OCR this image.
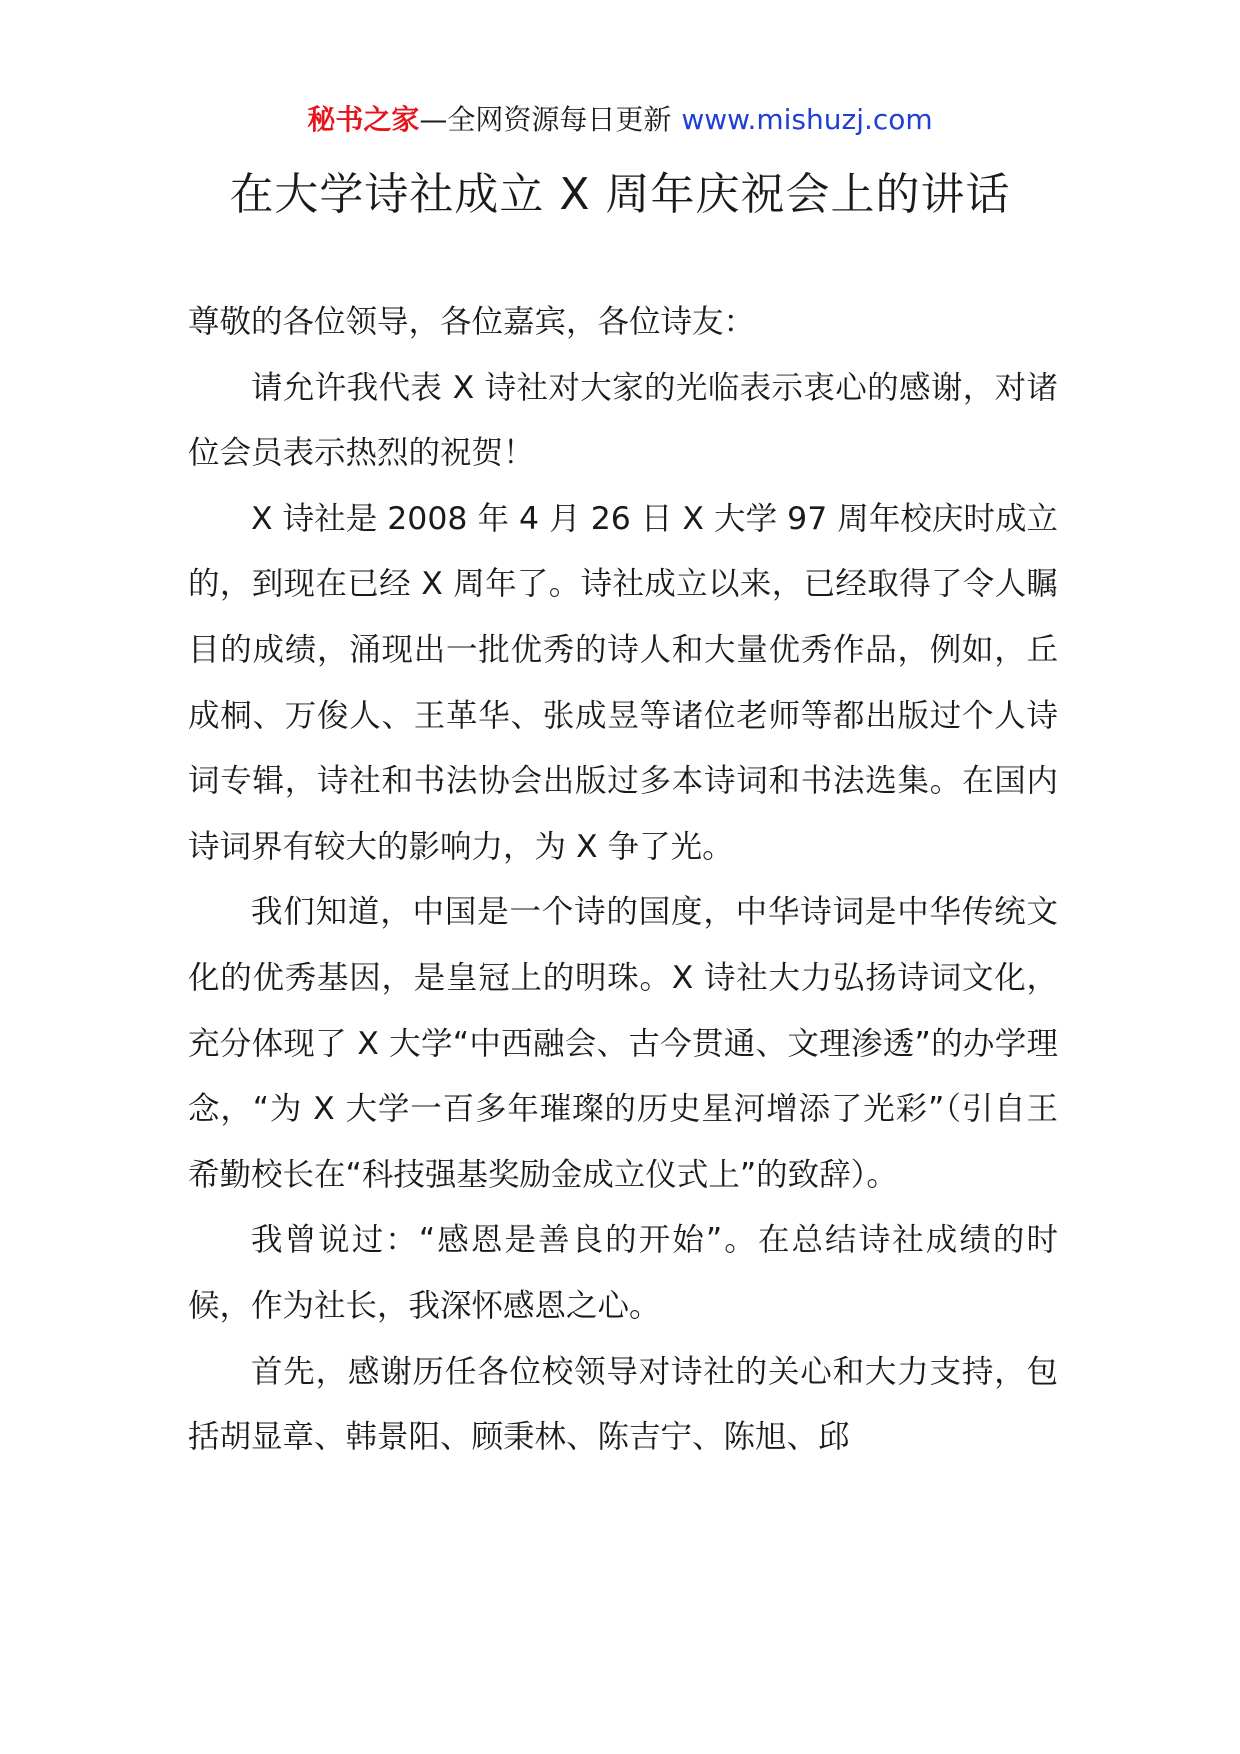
秘书之家—全网资源每日更新 www.mishuzj.com
在大学诗社成立 X 周年庆祝会上的讲话

尊敬的各位领导，各位嘉宾，各位诗友：

请允许我代表 X 诗社对大家的光临表示衷心的感谢，对诸位会员表示热烈的祝贺！

X 诗社是 2008 年 4 月 26 日 X 大学 97 周年校庆时成立的，到现在已经 X 周年了。诗社成立以来，已经取得了令人瞩目的成绩，涌现出一批优秀的诗人和大量优秀作品，例如，丘成桐、万俊人、王革华、张成昱等诸位老师等都出版过个人诗词专辑，诗社和书法协会出版过多本诗词和书法选集。在国内诗词界有较大的影响力，为 X 争了光。

我们知道，中国是一个诗的国度，中华诗词是中华传统文化的优秀基因，是皇冠上的明珠。X 诗社大力弘扬诗词文化，充分体现了 X 大学“中西融会、古今贯通、文理渗透”的办学理念，“为 X 大学一百多年璀璨的历史星河增添了光彩”（引自王希勤校长在“科技强基奖励金成立仪式上”的致辞）。

我曾说过：“感恩是善良的开始”。在总结诗社成绩的时候，作为社长，我深怀感恩之心。

首先，感谢历任各位校领导对诗社的关心和大力支持，包括胡显章、韩景阳、顾秉林、陈吉宁、陈旭、邱
